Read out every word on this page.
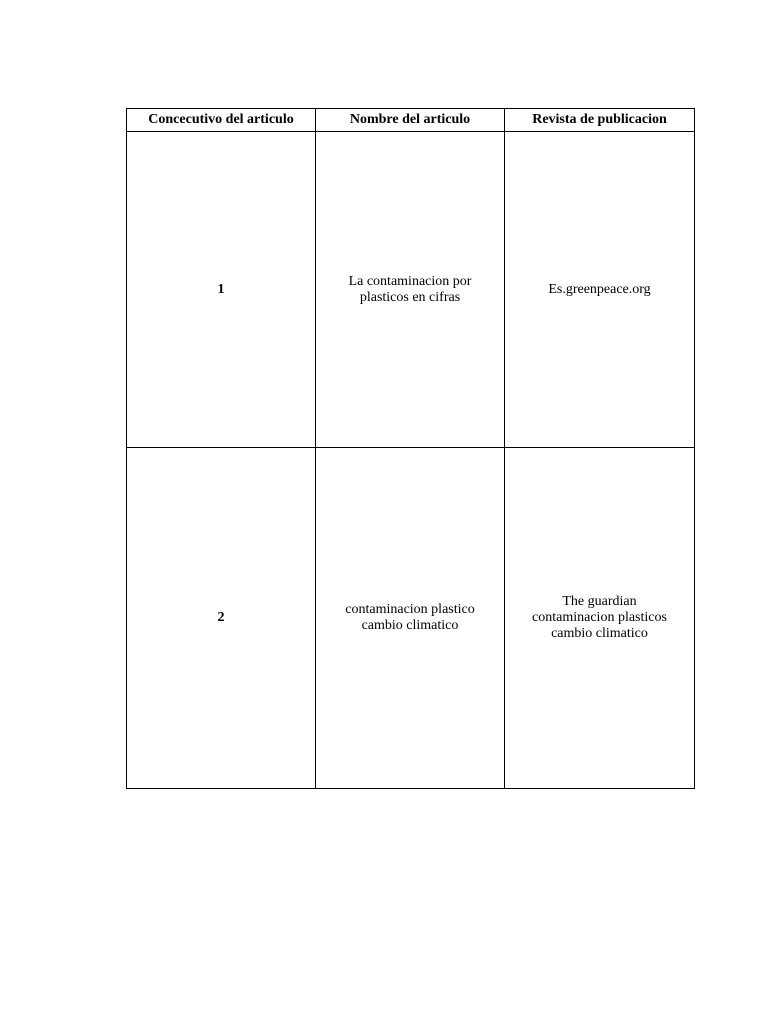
Concecutivo del articulo	Nombre del articulo	Revista de publicacion
1	La contaminacion por plasticos en cifras	Es.greenpeace.org
2	contaminacion plastico cambio climatico	The guardian contaminacion plasticos cambio climatico
